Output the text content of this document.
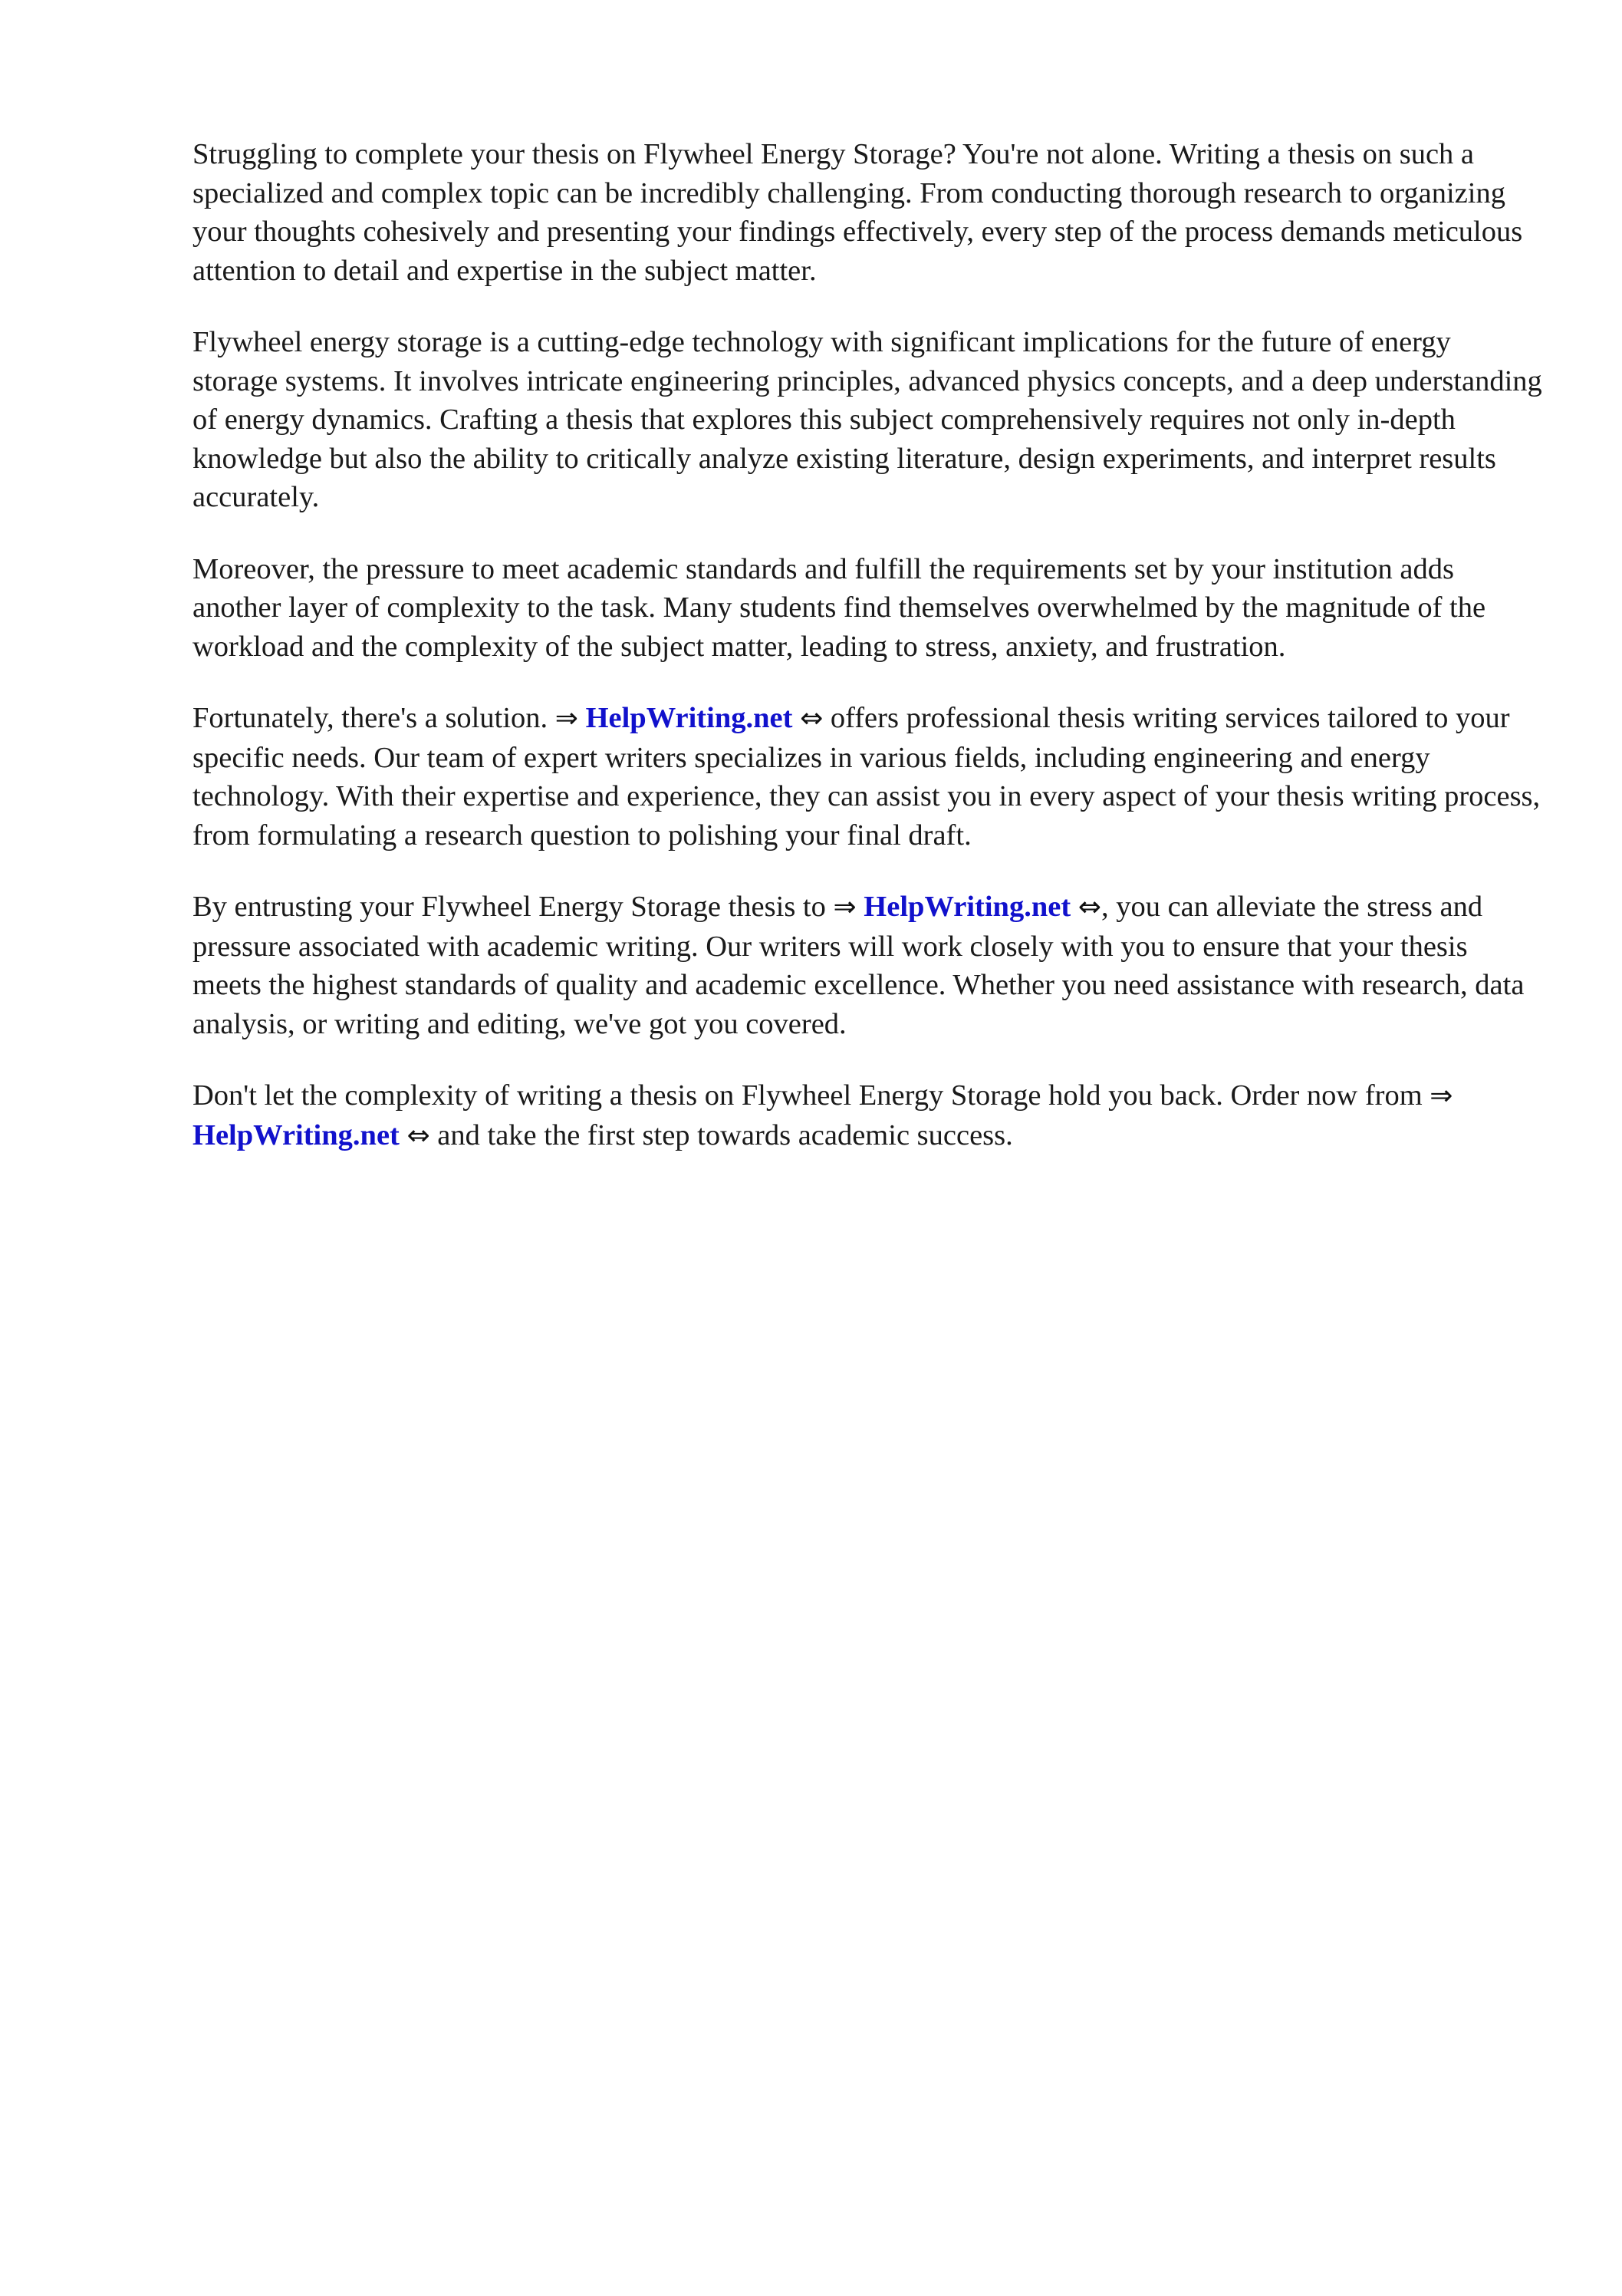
Struggling to complete your thesis on Flywheel Energy Storage? You're not alone. Writing a thesis on such a specialized and complex topic can be incredibly challenging. From conducting thorough research to organizing your thoughts cohesively and presenting your findings effectively, every step of the process demands meticulous attention to detail and expertise in the subject matter.

Flywheel energy storage is a cutting-edge technology with significant implications for the future of energy storage systems. It involves intricate engineering principles, advanced physics concepts, and a deep understanding of energy dynamics. Crafting a thesis that explores this subject comprehensively requires not only in-depth knowledge but also the ability to critically analyze existing literature, design experiments, and interpret results accurately.

Moreover, the pressure to meet academic standards and fulfill the requirements set by your institution adds another layer of complexity to the task. Many students find themselves overwhelmed by the magnitude of the workload and the complexity of the subject matter, leading to stress, anxiety, and frustration.

Fortunately, there's a solution. ⇒ HelpWriting.net ⇔ offers professional thesis writing services tailored to your specific needs. Our team of expert writers specializes in various fields, including engineering and energy technology. With their expertise and experience, they can assist you in every aspect of your thesis writing process, from formulating a research question to polishing your final draft.

By entrusting your Flywheel Energy Storage thesis to ⇒ HelpWriting.net ⇔, you can alleviate the stress and pressure associated with academic writing. Our writers will work closely with you to ensure that your thesis meets the highest standards of quality and academic excellence. Whether you need assistance with research, data analysis, or writing and editing, we've got you covered.

Don't let the complexity of writing a thesis on Flywheel Energy Storage hold you back. Order now from ⇒ HelpWriting.net ⇔ and take the first step towards academic success.
